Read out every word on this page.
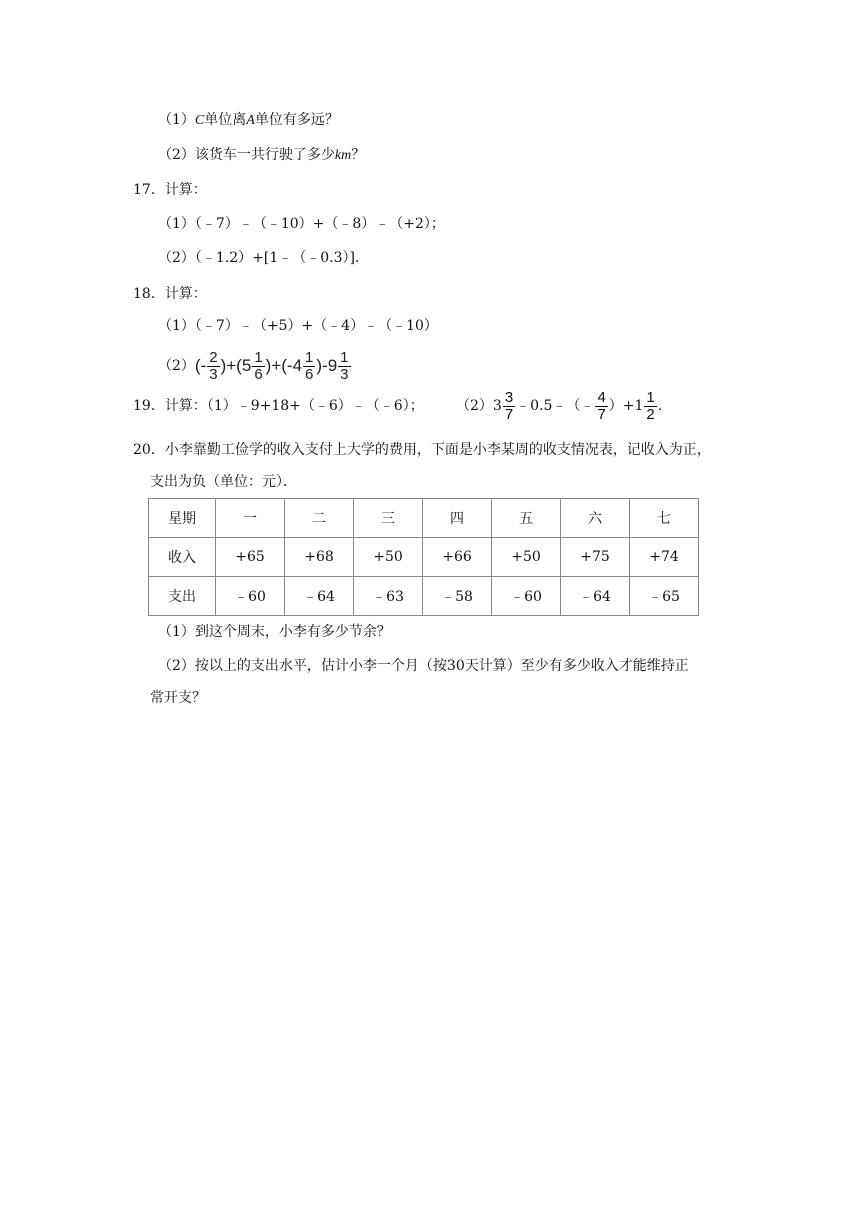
（1）C单位离A单位有多远？
（2）该货车一共行驶了多少km？
17．计算：
（1）（﹣7）﹣（﹣10）+（﹣8）﹣（+2）；
（2）（﹣1.2）+[1﹣（﹣0.3）]．
18．计算：
（1）（﹣7）﹣（+5）+（﹣4）﹣（﹣10）
（2） (- $\frac{2}{3} )+(5 \frac{1}{6} )+(-4 \frac{1}{6} )-9 \frac{1}{3}$
19．计算：（1）﹣9+18+（﹣6）﹣（﹣6）； $(2)3 \frac{3}{7}$ ﹣0.5﹣（﹣ $\frac{4}{7} )+1 \frac{1}{2}$ .
20．小李靠勤工俭学的收入支付上大学的费用，下面是小李某周的收支情况表，记收入为正，
支出为负（单位：元）．
星期	一	二	三	四	五	六	七
收入	+65	+68	+50	+66	+50	+75	+74
支出	﹣60	﹣64	﹣63	﹣58	﹣60	﹣64	﹣65
（1）到这个周末，小李有多少节余？
（2）按以上的支出水平，估计小李一个月（按30天计算）至少有多少收入才能维持正
常开支？
